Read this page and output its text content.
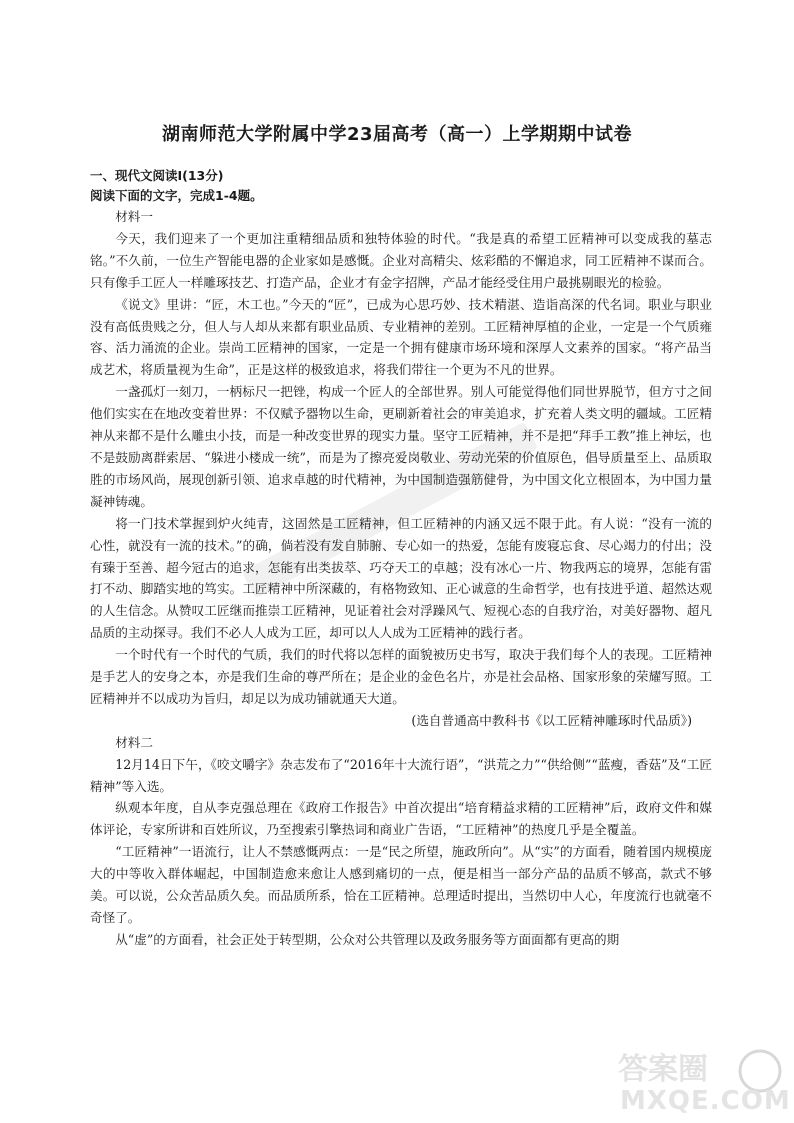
湖南师范大学附属中学23届高考（高一）上学期期中试卷
一、现代文阅读Ⅰ(13分)
阅读下面的文字，完成1-4题。

材料一

今天，我们迎来了一个更加注重精细品质和独特体验的时代。“我是真的希望工匠精神可以变成我的墓志铭。”不久前，一位生产智能电器的企业家如是感慨。企业对高精尖、炫彩酷的不懈追求，同工匠精神不谋而合。只有像手工匠人一样雕琢技艺、打造产品，企业才有金字招牌，产品才能经受住用户最挑剔眼光的检验。

《说文》里讲：“匠，木工也。”今天的“匠”，已成为心思巧妙、技术精湛、造诣高深的代名词。职业与职业没有高低贵贱之分，但人与人却从来都有职业品质、专业精神的差别。工匠精神厚植的企业，一定是一个气质雍容、活力涌流的企业。崇尚工匠精神的国家，一定是一个拥有健康市场环境和深厚人文素养的国家。“将产品当成艺术，将质量视为生命”，正是这样的极致追求，将我们带往一个更为不凡的世界。

一盏孤灯一刻刀，一柄标尺一把锉，构成一个匠人的全部世界。别人可能觉得他们同世界脱节，但方寸之间他们实实在在地改变着世界：不仅赋予器物以生命，更刷新着社会的审美追求，扩充着人类文明的疆域。工匠精神从来都不是什么雕虫小技，而是一种改变世界的现实力量。坚守工匠精神，并不是把“拜手工教”推上神坛，也不是鼓励离群索居、“躲进小楼成一统”，而是为了擦亮爱岗敬业、劳动光荣的价值原色，倡导质量至上、品质取胜的市场风尚，展现创新引领、追求卓越的时代精神，为中国制造强筋健骨，为中国文化立根固本，为中国力量凝神铸魂。

将一门技术掌握到炉火纯青，这固然是工匠精神，但工匠精神的内涵又远不限于此。有人说：“没有一流的心性，就没有一流的技术。”的确，倘若没有发自肺腑、专心如一的热爱，怎能有废寝忘食、尽心竭力的付出；没有臻于至善、超今冠古的追求，怎能有出类拔萃、巧夺天工的卓越；没有冰心一片、物我两忘的境界，怎能有雷打不动、脚踏实地的笃实。工匠精神中所深藏的，有格物致知、正心诚意的生命哲学，也有技进乎道、超然达观的人生信念。从赞叹工匠继而推崇工匠精神，见证着社会对浮躁风气、短视心态的自我疗治，对美好器物、超凡品质的主动探寻。我们不必人人成为工匠，却可以人人成为工匠精神的践行者。

一个时代有一个时代的气质，我们的时代将以怎样的面貌被历史书写，取决于我们每个人的表现。工匠精神是手艺人的安身之本，亦是我们生命的尊严所在；是企业的金色名片，亦是社会品格、国家形象的荣耀写照。工匠精神并不以成功为旨归，却足以为成功铺就通天大道。

(选自普通高中教科书《以工匠精神雕琢时代品质》)

材料二

12月14日下午，《咬文嚼字》杂志发布了“2016年十大流行语”，“洪荒之力”“供给侧”“蓝瘦，香菇”及“工匠精神”等入选。

纵观本年度，自从李克强总理在《政府工作报告》中首次提出“培育精益求精的工匠精神”后，政府文件和媒体评论，专家所讲和百姓所议，乃至搜索引擎热词和商业广告语，“工匠精神”的热度几乎是全覆盖。

“工匠精神”一语流行，让人不禁感慨两点：一是“民之所望，施政所向”。从“实”的方面看，随着国内规模庞大的中等收入群体崛起，中国制造愈来愈让人感到痛切的一点，便是相当一部分产品的品质不够高，款式不够美。可以说，公众苦品质久矣。而品质所系，恰在工匠精神。总理适时提出，当然切中人心，年度流行也就毫不奇怪了。

从“虚”的方面看，社会正处于转型期，公众对公共管理以及政务服务等方面面都有更高的期

答案圈
MXQE.COM
